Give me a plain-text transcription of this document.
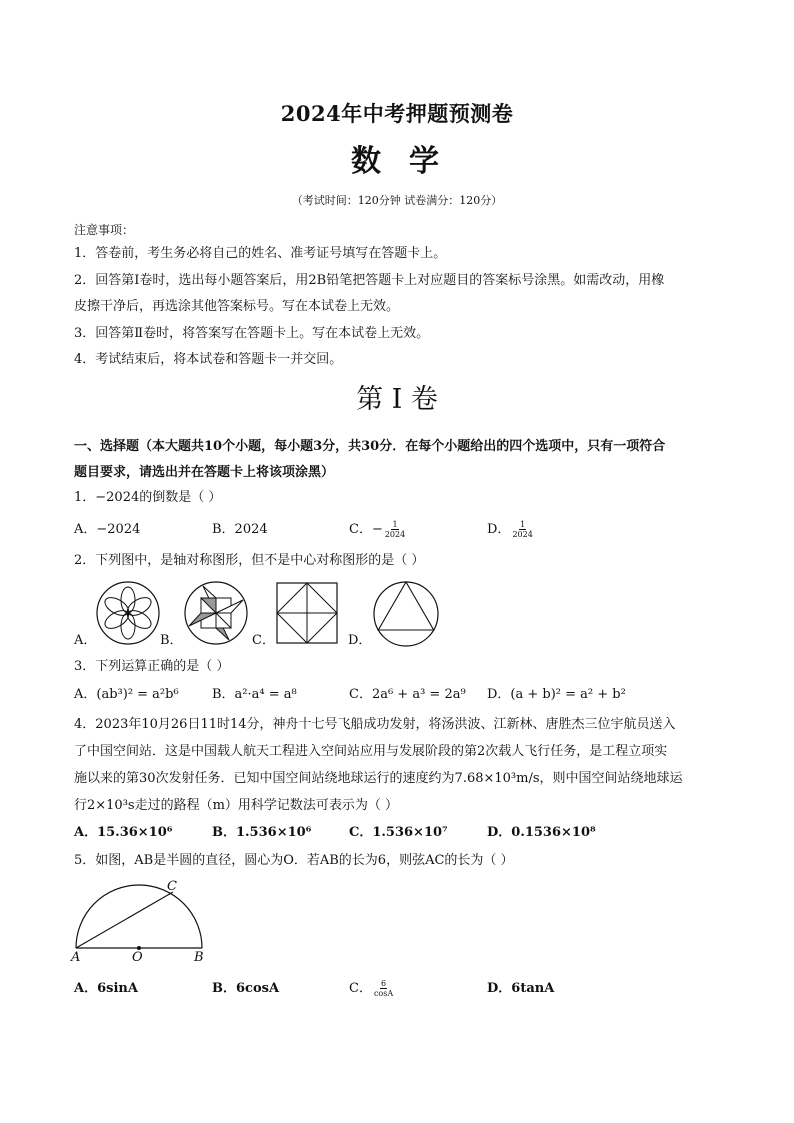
2024年中考押题预测卷
数学
（考试时间：120分钟 试卷满分：120分）
注意事项：
1．答卷前，考生务必将自己的姓名、准考证号填写在答题卡上。
2．回答第Ⅰ卷时，选出每小题答案后，用2B铅笔把答题卡上对应题目的答案标号涂黑。如需改动，用橡
皮擦干净后，再选涂其他答案标号。写在本试卷上无效。
3．回答第Ⅱ卷时，将答案写在答题卡上。写在本试卷上无效。
4．考试结束后，将本试卷和答题卡一并交回。
第 I 卷
一、选择题（本大题共10个小题，每小题3分，共30分．在每个小题给出的四个选项中，只有一项符合
题目要求，请选出并在答题卡上将该项涂黑）
1．−2024的倒数是（ ）
A．−2024	B．2024	C．− $\frac{1}{2024}$	D． $\frac{1}{2024}$
2．下列图中，是轴对称图形，但不是中心对称图形的是（ ）
A．	B．	C．	D．
3．下列运算正确的是（ ）
A．(ab³)² = a²b⁶	B．a²·a⁴ = a⁸	C．2a⁶ + a³ = 2a⁹ D．(a + b)² = a² + b²
4．2023年10月26日11时14分，神舟十七号飞船成功发射，将汤洪波、江新林、唐胜杰三位宇航员送入
了中国空间站．这是中国载人航天工程进入空间站应用与发展阶段的第2次载人飞行任务，是工程立项实
施以来的第30次发射任务．已知中国空间站绕地球运行的速度约为7.68×10³m/s，则中国空间站绕地球运
行2×10³s走过的路程（m）用科学记数法可表示为（ ）
A．15.36×10⁶	B．1.536×10⁶	C．1.536×10⁷	D．0.1536×10⁸
5．如图，AB是半圆的直径，圆心为O．若AB的长为6，则弦AC的长为（ ）
A	O	B
C
A．6sinA	B．6cosA	C． $\frac{6}{\cos A}$	D．6tanA
